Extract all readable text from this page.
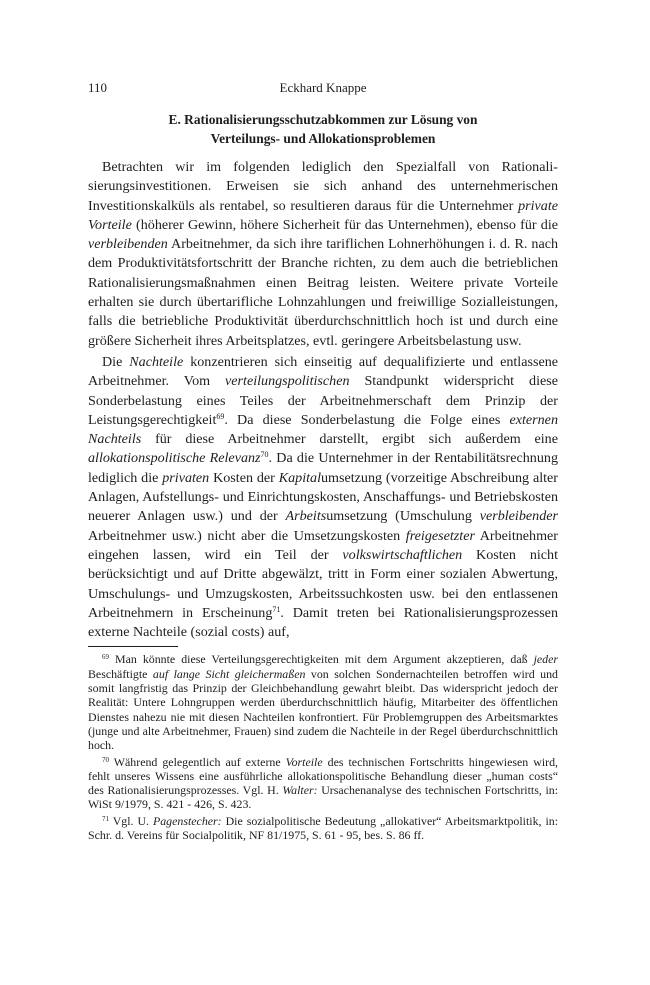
110	Eckhard Knappe
E. Rationalisierungsschutzabkommen zur Lösung von
Verteilungs- und Allokationsproblemen

Betrachten wir im folgenden lediglich den Spezialfall von Rationalisierungsinvestitionen. Erweisen sie sich anhand des unternehmerischen Investitionskalküls als rentabel, so resultieren daraus für die Unternehmer private Vorteile (höherer Gewinn, höhere Sicherheit für das Unternehmen), ebenso für die verbleibenden Arbeitnehmer, da sich ihre tariflichen Lohnerhöhungen i. d. R. nach dem Produktivitätsfortschritt der Branche richten, zu dem auch die betrieblichen Rationalisierungsmaßnahmen einen Beitrag leisten. Weitere private Vorteile erhalten sie durch übertarifliche Lohnzahlungen und freiwillige Sozialleistungen, falls die betriebliche Produktivität überdurchschnittlich hoch ist und durch eine größere Sicherheit ihres Arbeitsplatzes, evtl. geringere Arbeitsbelastung usw.

Die Nachteile konzentrieren sich einseitig auf dequalifizierte und entlassene Arbeitnehmer. Vom verteilungspolitischen Standpunkt widerspricht diese Sonderbelastung eines Teiles der Arbeitnehmerschaft dem Prinzip der Leistungsgerechtigkeit$^{69}$. Da diese Sonderbelastung die Folge eines externen Nachteils für diese Arbeitnehmer darstellt, ergibt sich außerdem eine allokationspolitische Relevanz$^{70}$. Da die Unternehmer in der Rentabilitätsrechnung lediglich die privaten Kosten der Kapitalumsetzung (vorzeitige Abschreibung alter Anlagen, Aufstellungs- und Einrichtungskosten, Anschaffungs- und Betriebskosten neuerer Anlagen usw.) und der Arbeitsumsetzung (Umschulung verbleibender Arbeitnehmer usw.) nicht aber die Umsetzungskosten freigesetzter Arbeitnehmer eingehen lassen, wird ein Teil der volkswirtschaftlichen Kosten nicht berücksichtigt und auf Dritte abgewälzt, tritt in Form einer sozialen Abwertung, Umschulungs- und Umzugskosten, Arbeitssuchkosten usw. bei den entlassenen Arbeitnehmern in Erscheinung$^{71}$. Damit treten bei Rationalisierungsprozessen externe Nachteile (sozial costs) auf,

$^{69}$ Man könnte diese Verteilungsgerechtigkeiten mit dem Argument akzeptieren, daß jeder Beschäftigte auf lange Sicht gleichermaßen von solchen Sondernachteilen betroffen wird und somit langfristig das Prinzip der Gleichbehandlung gewahrt bleibt. Das widerspricht jedoch der Realität: Untere Lohngruppen werden überdurchschnittlich häufig, Mitarbeiter des öffentlichen Dienstes nahezu nie mit diesen Nachteilen konfrontiert. Für Problemgruppen des Arbeitsmarktes (junge und alte Arbeitnehmer, Frauen) sind zudem die Nachteile in der Regel überdurchschnittlich hoch.

$^{70}$ Während gelegentlich auf externe Vorteile des technischen Fortschritts hingewiesen wird, fehlt unseres Wissens eine ausführliche allokationspolitische Behandlung dieser „human costs“ des Rationalisierungsprozesses. Vgl. H. Walter: Ursachenanalyse des technischen Fortschritts, in: WiSt 9/1979, S. 421 - 426, S. 423.

$^{71}$ Vgl. U. Pagenstecher: Die sozialpolitische Bedeutung „allokativer“ Arbeitsmarktpolitik, in: Schr. d. Vereins für Socialpolitik, NF 81/1975, S. 61 - 95, bes. S. 86 ff.
